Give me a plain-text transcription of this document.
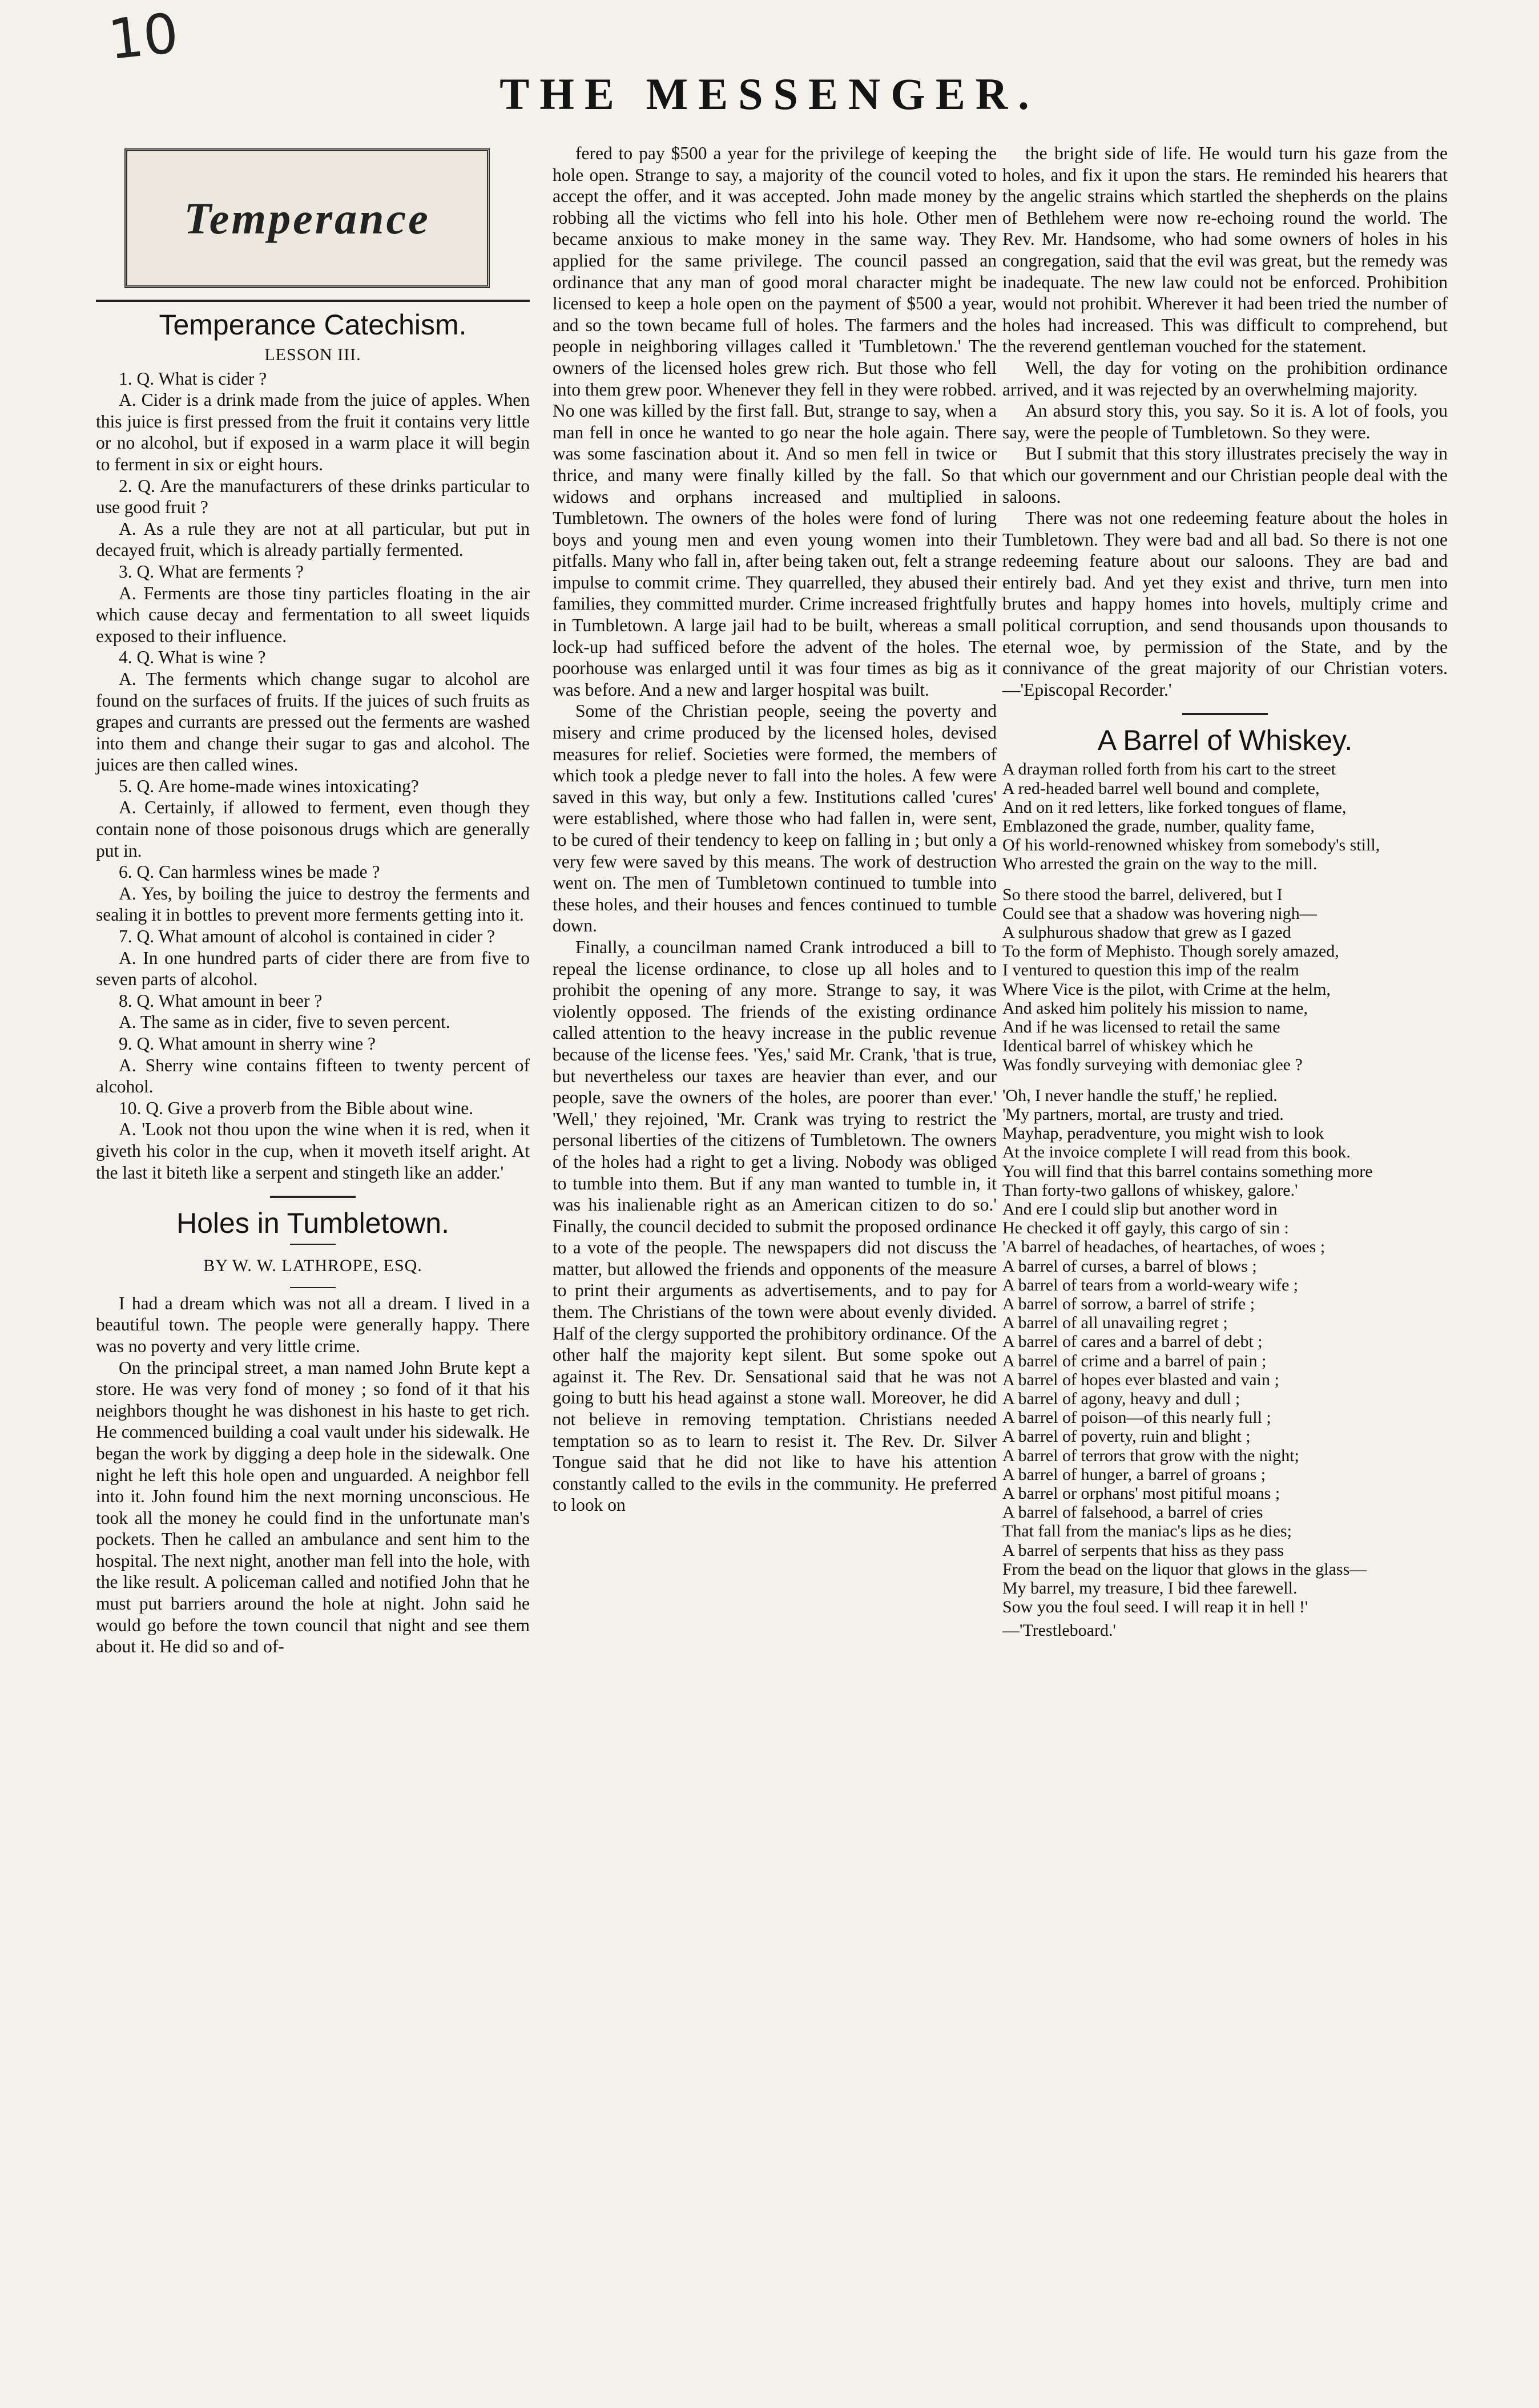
10
THE MESSENGER.
Temperance
Temperance Catechism.
LESSON III.

1. Q. What is cider ?

A. Cider is a drink made from the juice of apples. When this juice is first pressed from the fruit it contains very little or no alcohol, but if exposed in a warm place it will begin to ferment in six or eight hours.

2. Q. Are the manufacturers of these drinks particular to use good fruit ?

A. As a rule they are not at all particular, but put in decayed fruit, which is already partially fermented.

3. Q. What are ferments ?

A. Ferments are those tiny particles floating in the air which cause decay and fermentation to all sweet liquids exposed to their influence.

4. Q. What is wine ?

A. The ferments which change sugar to alcohol are found on the surfaces of fruits. If the juices of such fruits as grapes and currants are pressed out the ferments are washed into them and change their sugar to gas and alcohol. The juices are then called wines.

5. Q. Are home-made wines intoxicating?

A. Certainly, if allowed to ferment, even though they contain none of those poisonous drugs which are generally put in.

6. Q. Can harmless wines be made ?

A. Yes, by boiling the juice to destroy the ferments and sealing it in bottles to prevent more ferments getting into it.

7. Q. What amount of alcohol is contained in cider ?

A. In one hundred parts of cider there are from five to seven parts of alcohol.

8. Q. What amount in beer ?

A. The same as in cider, five to seven percent.

9. Q. What amount in sherry wine ?

A. Sherry wine contains fifteen to twenty percent of alcohol.

10. Q. Give a proverb from the Bible about wine.

A. 'Look not thou upon the wine when it is red, when it giveth his color in the cup, when it moveth itself aright. At the last it biteth like a serpent and stingeth like an adder.'

Holes in Tumbletown.
BY W. W. LATHROPE, ESQ.

I had a dream which was not all a dream. I lived in a beautiful town. The people were generally happy. There was no poverty and very little crime.

On the principal street, a man named John Brute kept a store. He was very fond of money ; so fond of it that his neighbors thought he was dishonest in his haste to get rich. He commenced building a coal vault under his sidewalk. He began the work by digging a deep hole in the sidewalk. One night he left this hole open and unguarded. A neighbor fell into it. John found him the next morning unconscious. He took all the money he could find in the unfortunate man's pockets. Then he called an ambulance and sent him to the hospital. The next night, another man fell into the hole, with the like result. A policeman called and notified John that he must put barriers around the hole at night. John said he would go before the town council that night and see them about it. He did so and of-

fered to pay $500 a year for the privilege of keeping the hole open. Strange to say, a majority of the council voted to accept the offer, and it was accepted. John made money by robbing all the victims who fell into his hole. Other men became anxious to make money in the same way. They applied for the same privilege. The council passed an ordinance that any man of good moral character might be licensed to keep a hole open on the payment of $500 a year, and so the town became full of holes. The farmers and the people in neighboring villages called it 'Tumbletown.' The owners of the licensed holes grew rich. But those who fell into them grew poor. Whenever they fell in they were robbed. No one was killed by the first fall. But, strange to say, when a man fell in once he wanted to go near the hole again. There was some fascination about it. And so men fell in twice or thrice, and many were finally killed by the fall. So that widows and orphans increased and multiplied in Tumbletown. The owners of the holes were fond of luring boys and young men and even young women into their pitfalls. Many who fall in, after being taken out, felt a strange impulse to commit crime. They quarrelled, they abused their families, they committed murder. Crime increased frightfully in Tumbletown. A large jail had to be built, whereas a small lock-up had sufficed before the advent of the holes. The poorhouse was enlarged until it was four times as big as it was before. And a new and larger hospital was built.

Some of the Christian people, seeing the poverty and misery and crime produced by the licensed holes, devised measures for relief. Societies were formed, the members of which took a pledge never to fall into the holes. A few were saved in this way, but only a few. Institutions called 'cures' were established, where those who had fallen in, were sent, to be cured of their tendency to keep on falling in ; but only a very few were saved by this means. The work of destruction went on. The men of Tumbletown continued to tumble into these holes, and their houses and fences continued to tumble down.

Finally, a councilman named Crank introduced a bill to repeal the license ordinance, to close up all holes and to prohibit the opening of any more. Strange to say, it was violently opposed. The friends of the existing ordinance called attention to the heavy increase in the public revenue because of the license fees. 'Yes,' said Mr. Crank, 'that is true, but nevertheless our taxes are heavier than ever, and our people, save the owners of the holes, are poorer than ever.' 'Well,' they rejoined, 'Mr. Crank was trying to restrict the personal liberties of the citizens of Tumbletown. The owners of the holes had a right to get a living. Nobody was obliged to tumble into them. But if any man wanted to tumble in, it was his inalienable right as an American citizen to do so.' Finally, the council decided to submit the proposed ordinance to a vote of the people. The newspapers did not discuss the matter, but allowed the friends and opponents of the measure to print their arguments as advertisements, and to pay for them. The Christians of the town were about evenly divided. Half of the clergy supported the prohibitory ordinance. Of the other half the majority kept silent. But some spoke out against it. The Rev. Dr. Sensational said that he was not going to butt his head against a stone wall. Moreover, he did not believe in removing temptation. Christians needed temptation so as to learn to resist it. The Rev. Dr. Silver Tongue said that he did not like to have his attention constantly called to the evils in the community. He preferred to look on

the bright side of life. He would turn his gaze from the holes, and fix it upon the stars. He reminded his hearers that the angelic strains which startled the shepherds on the plains of Bethlehem were now re-echoing round the world. The Rev. Mr. Handsome, who had some owners of holes in his congregation, said that the evil was great, but the remedy was inadequate. The new law could not be enforced. Prohibition would not prohibit. Wherever it had been tried the number of holes had increased. This was difficult to comprehend, but the reverend gentleman vouched for the statement.

Well, the day for voting on the prohibition ordinance arrived, and it was rejected by an overwhelming majority.

An absurd story this, you say. So it is. A lot of fools, you say, were the people of Tumbletown. So they were.

But I submit that this story illustrates precisely the way in which our government and our Christian people deal with the saloons.

There was not one redeeming feature about the holes in Tumbletown. They were bad and all bad. So there is not one redeeming feature about our saloons. They are bad and entirely bad. And yet they exist and thrive, turn men into brutes and happy homes into hovels, multiply crime and political corruption, and send thousands upon thousands to eternal woe, by permission of the State, and by the connivance of the great majority of our Christian voters.—'Episcopal Recorder.'

A Barrel of Whiskey.
A drayman rolled forth from his cart to the street
A red-headed barrel well bound and complete,
And on it red letters, like forked tongues of flame,
Emblazoned the grade, number, quality fame,
Of his world-renowned whiskey from somebody's still,
Who arrested the grain on the way to the mill.
So there stood the barrel, delivered, but I
Could see that a shadow was hovering nigh—
A sulphurous shadow that grew as I gazed
To the form of Mephisto. Though sorely amazed,
I ventured to question this imp of the realm
Where Vice is the pilot, with Crime at the helm,
And asked him politely his mission to name,
And if he was licensed to retail the same
Identical barrel of whiskey which he
Was fondly surveying with demoniac glee ?
'Oh, I never handle the stuff,' he replied.
'My partners, mortal, are trusty and tried.
Mayhap, peradventure, you might wish to look
At the invoice complete I will read from this book.
You will find that this barrel contains something more
Than forty-two gallons of whiskey, galore.'
And ere I could slip but another word in
He checked it off gayly, this cargo of sin :
'A barrel of headaches, of heartaches, of woes ;
A barrel of curses, a barrel of blows ;
A barrel of tears from a world-weary wife ;
A barrel of sorrow, a barrel of strife ;
A barrel of all unavailing regret ;
A barrel of cares and a barrel of debt ;
A barrel of crime and a barrel of pain ;
A barrel of hopes ever blasted and vain ;
A barrel of agony, heavy and dull ;
A barrel of poison—of this nearly full ;
A barrel of poverty, ruin and blight ;
A barrel of terrors that grow with the night;
A barrel of hunger, a barrel of groans ;
A barrel or orphans' most pitiful moans ;
A barrel of falsehood, a barrel of cries
That fall from the maniac's lips as he dies;
A barrel of serpents that hiss as they pass
From the bead on the liquor that glows in the glass—
My barrel, my treasure, I bid thee farewell.
Sow you the foul seed. I will reap it in hell !'
—'Trestleboard.'
